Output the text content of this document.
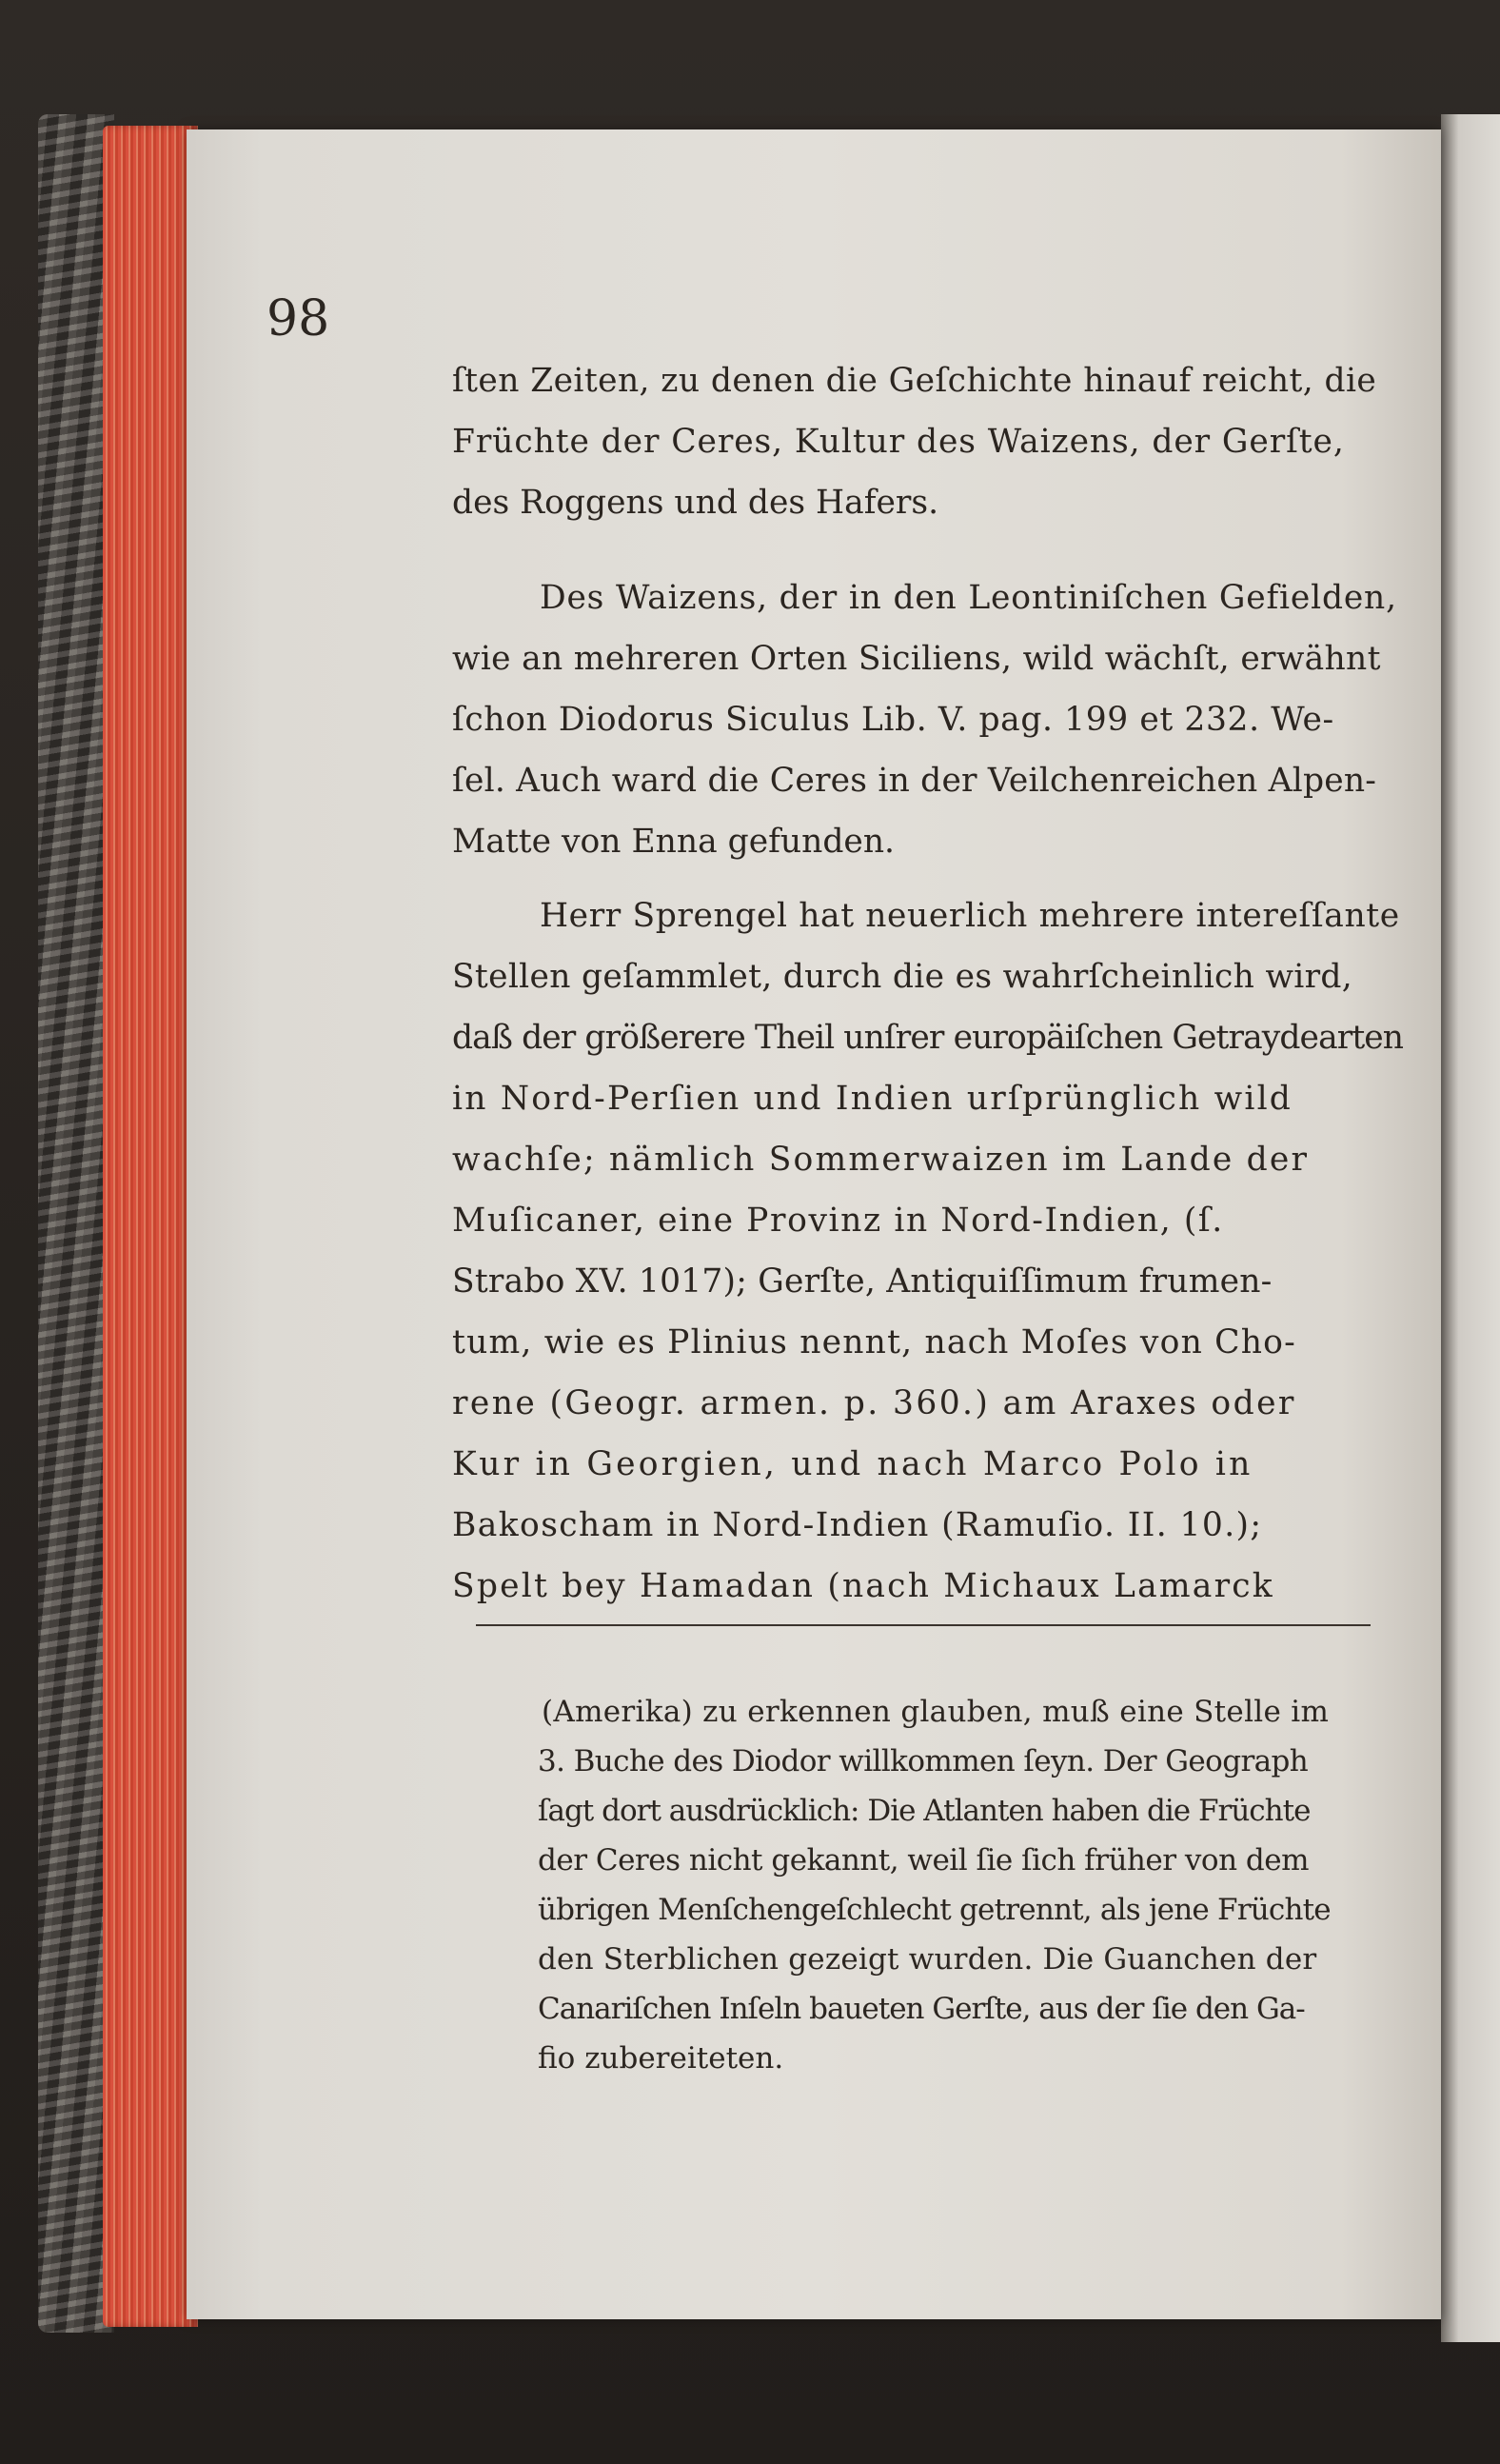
98
ſten Zeiten, zu denen die Geſchichte hinauf reicht, die
Früchte der Ceres, Kultur des Waizens, der Gerſte,
des Roggens und des Hafers.
Des Waizens, der in den Leontiniſchen Gefielden,
wie an mehreren Orten Siciliens, wild wächſt, erwähnt
ſchon Diodorus Siculus Lib. V. pag. 199 et 232. We-
ſel. Auch ward die Ceres in der Veilchenreichen Alpen-
Matte von Enna gefunden.
Herr Sprengel hat neuerlich mehrere intereſſante
Stellen geſammlet, durch die es wahrſcheinlich wird,
daß der größerere Theil unſrer europäiſchen Getraydearten
in Nord-Perſien und Indien urſprünglich wild
wachſe; nämlich Sommerwaizen im Lande der
Muſicaner, eine Provinz in Nord-Indien, (ſ.
Strabo XV. 1017); Gerſte, Antiquiſſimum frumen-
tum, wie es Plinius nennt, nach Moſes von Cho-
rene (Geogr. armen. p. 360.) am Araxes oder
Kur in Georgien, und nach Marco Polo in
Bakoscham in Nord-Indien (Ramuſio. II. 10.);
Spelt bey Hamadan (nach Michaux Lamarck
(Amerika) zu erkennen glauben, muß eine Stelle im
3. Buche des Diodor willkommen ſeyn. Der Geograph
ſagt dort ausdrücklich: Die Atlanten haben die Früchte
der Ceres nicht gekannt, weil ſie ſich früher von dem
übrigen Menſchengeſchlecht getrennt, als jene Früchte
den Sterblichen gezeigt wurden. Die Guanchen der
Canariſchen Inſeln baueten Gerſte, aus der ſie den Ga-
fio zubereiteten.
